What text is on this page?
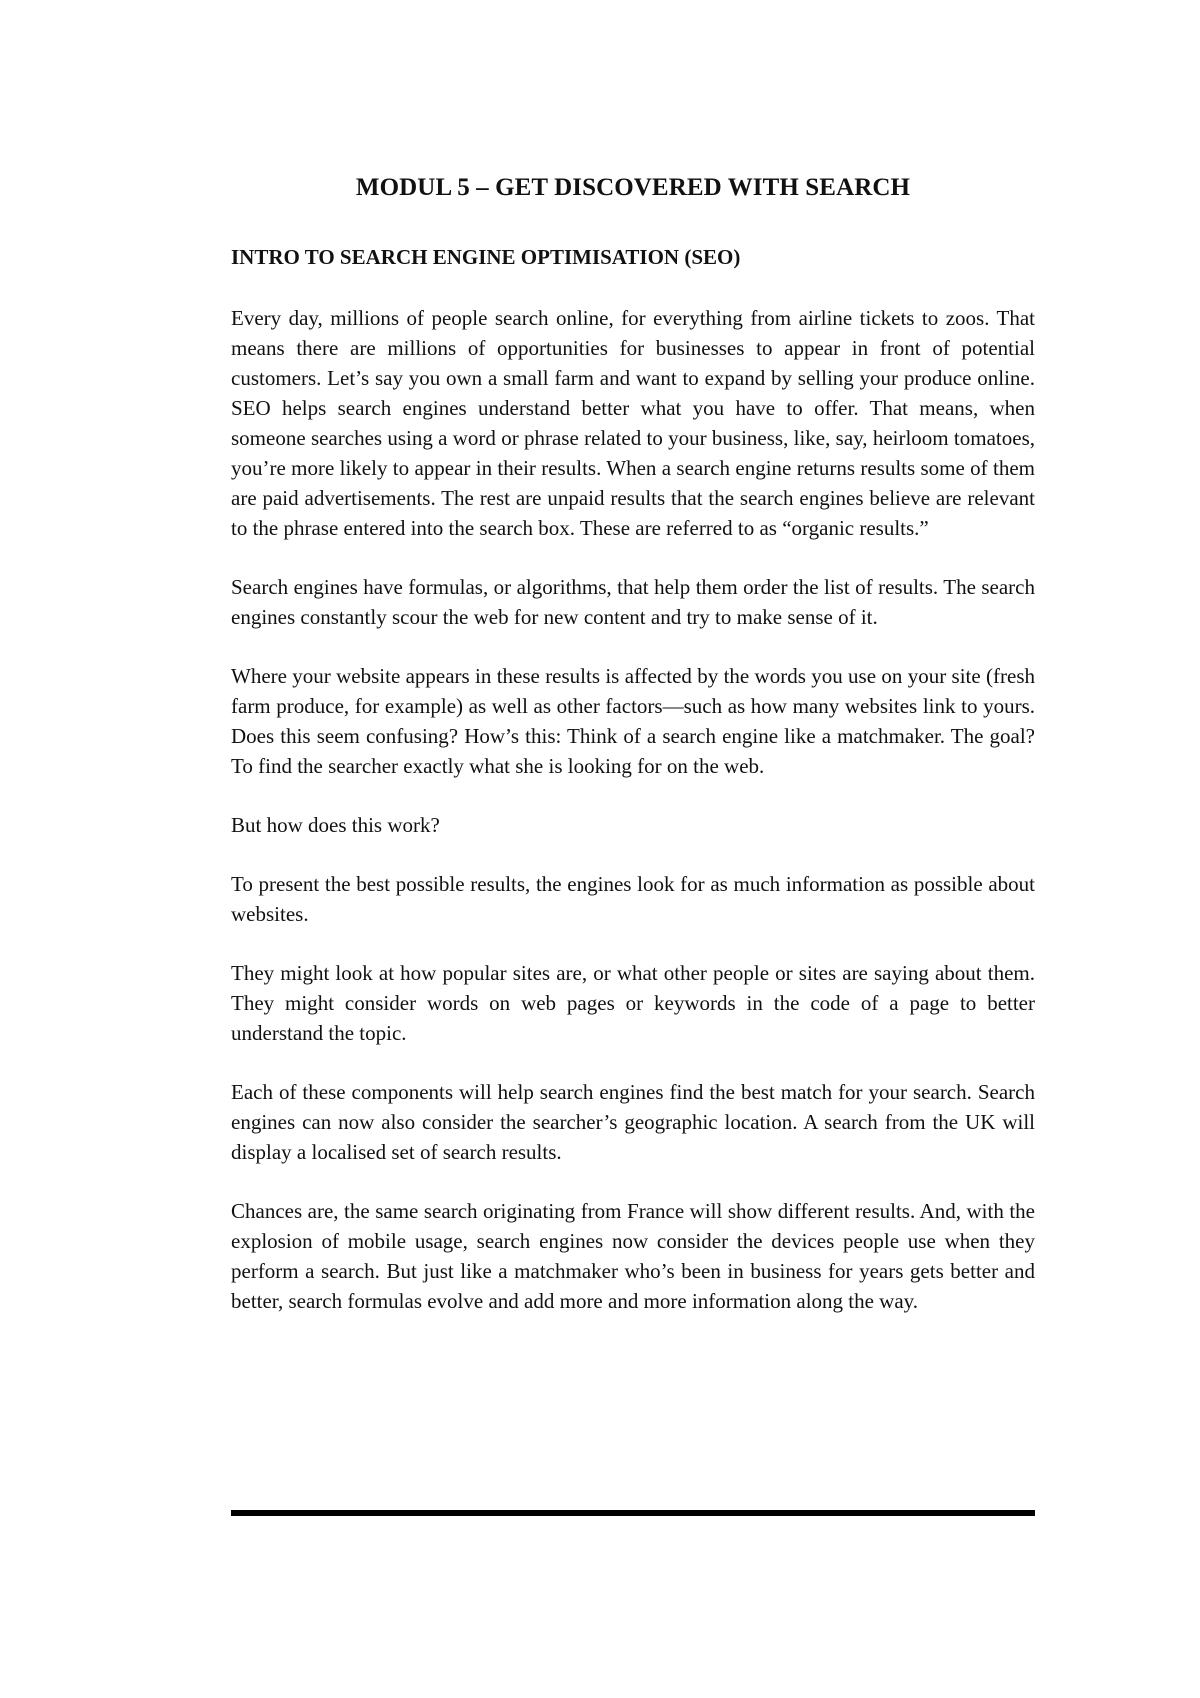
MODUL 5 – GET DISCOVERED WITH SEARCH
INTRO TO SEARCH ENGINE OPTIMISATION (SEO)

Every day, millions of people search online, for everything from airline tickets to zoos. That means there are millions of opportunities for businesses to appear in front of potential customers. Let’s say you own a small farm and want to expand by selling your produce online. SEO helps search engines understand better what you have to offer. That means, when someone searches using a word or phrase related to your business, like, say, heirloom tomatoes, you’re more likely to appear in their results. When a search engine returns results some of them are paid advertisements. The rest are unpaid results that the search engines believe are relevant to the phrase entered into the search box. These are referred to as “organic results.”

Search engines have formulas, or algorithms, that help them order the list of results. The search engines constantly scour the web for new content and try to make sense of it.

Where your website appears in these results is affected by the words you use on your site (fresh farm produce, for example) as well as other factors—such as how many websites link to yours. Does this seem confusing? How’s this: Think of a search engine like a matchmaker. The goal? To find the searcher exactly what she is looking for on the web.

But how does this work?

To present the best possible results, the engines look for as much information as possible about websites.

They might look at how popular sites are, or what other people or sites are saying about them. They might consider words on web pages or keywords in the code of a page to better understand the topic.

Each of these components will help search engines find the best match for your search. Search engines can now also consider the searcher’s geographic location. A search from the UK will display a localised set of search results.

Chances are, the same search originating from France will show different results. And, with the explosion of mobile usage, search engines now consider the devices people use when they perform a search. But just like a matchmaker who’s been in business for years gets better and better, search formulas evolve and add more and more information along the way.
